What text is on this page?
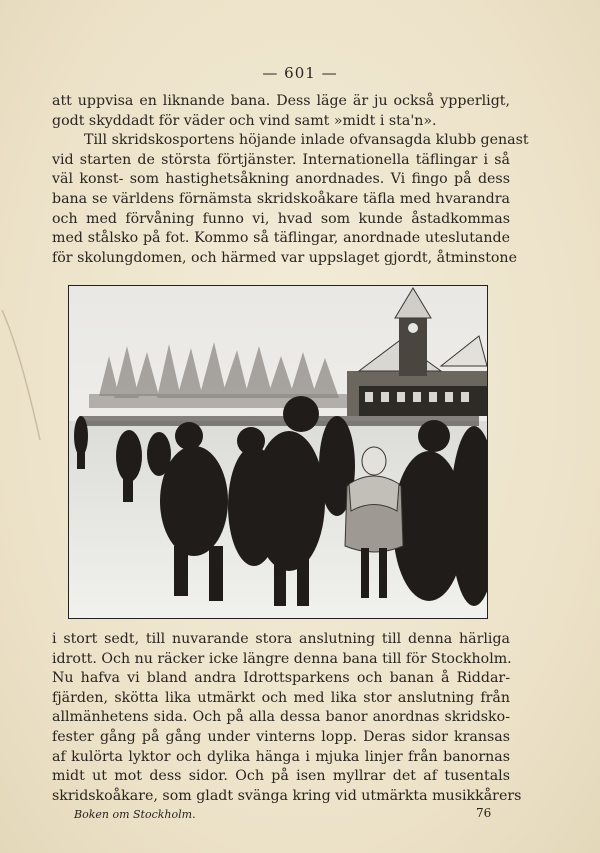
— 601 —
att uppvisa en liknande bana. Dess läge är ju också ypperligt,
godt skyddadt för väder och vind samt »midt i sta'n».
Till skridskosportens höjande inlade ofvansagda klubb genast
vid starten de största förtjänster. Internationella täflingar i så
väl konst- som hastighetsåkning anordnades. Vi fingo på dess
bana se världens förnämsta skridskoåkare täfla med hvarandra
och med förvåning funno vi, hvad som kunde åstadkommas
med stålsko på fot. Kommo så täflingar, anordnade uteslutande
för skolungdomen, och härmed var uppslaget gjordt, åtminstone
i stort sedt, till nuvarande stora anslutning till denna härliga
idrott. Och nu räcker icke längre denna bana till för Stockholm.
Nu hafva vi bland andra Idrottsparkens och banan å Riddar-
fjärden, skötta lika utmärkt och med lika stor anslutning från
allmänhetens sida. Och på alla dessa banor anordnas skridsko-
fester gång på gång under vinterns lopp. Deras sidor kransas
af kulörta lyktor och dylika hänga i mjuka linjer från banornas
midt ut mot dess sidor. Och på isen myllrar det af tusentals
skridskoåkare, som gladt svänga kring vid utmärkta musikkårers
Boken om Stockholm.	76
